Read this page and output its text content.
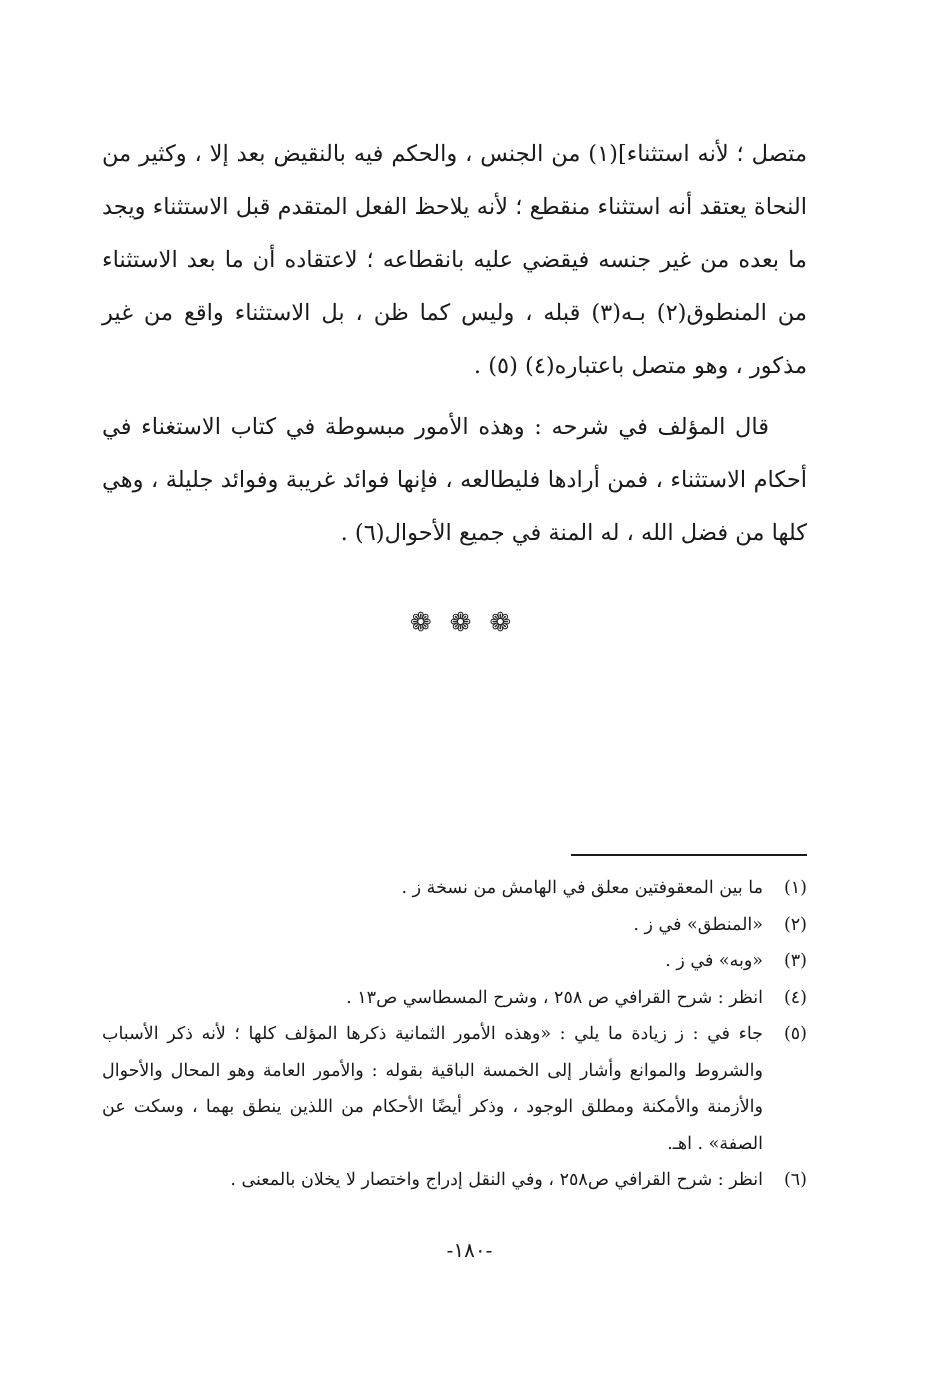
متصل ؛ لأنه استثناء](١) من الجنس ، والحكم فيه بالنقيض بعد إلا ، وكثير من النحاة يعتقد أنه استثناء منقطع ؛ لأنه يلاحظ الفعل المتقدم قبل الاستثناء ويجد ما بعده من غير جنسه فيقضي عليه بانقطاعه ؛ لاعتقاده أن ما بعد الاستثناء من المنطوق(٢) بـه(٣) قبله ، وليس كما ظن ، بل الاستثناء واقع من غير مذكور ، وهو متصل باعتباره(٤) (٥) .

قال المؤلف في شرحه : وهذه الأمور مبسوطة في كتاب الاستغناء في أحكام الاستثناء ، فمن أرادها فليطالعه ، فإنها فوائد غريبة وفوائد جليلة ، وهي كلها من فضل الله ، له المنة في جميع الأحوال(٦) .

❁❁❁
(١)
ما بين المعقوفتين معلق في الهامش من نسخة ز .
(٢)
«المنطق» في ز .
(٣)
«وبه» في ز .
(٤)
انظر : شرح القرافي ص ٢٥٨ ، وشرح المسطاسي ص١٣ .
(٥)
جاء في : ز زيادة ما يلي : «وهذه الأمور الثمانية ذكرها المؤلف كلها ؛ لأنه ذكر الأسباب والشروط والموانع وأشار إلى الخمسة الباقية بقوله : والأمور العامة وهو المحال والأحوال والأزمنة والأمكنة ومطلق الوجود ، وذكر أيضًا الأحكام من اللذين ينطق بهما ، وسكت عن الصفة» . اهـ.
(٦)
انظر : شرح القرافي ص٢٥٨ ، وفي النقل إدراج واختصار لا يخلان بالمعنى .
-١٨٠-
